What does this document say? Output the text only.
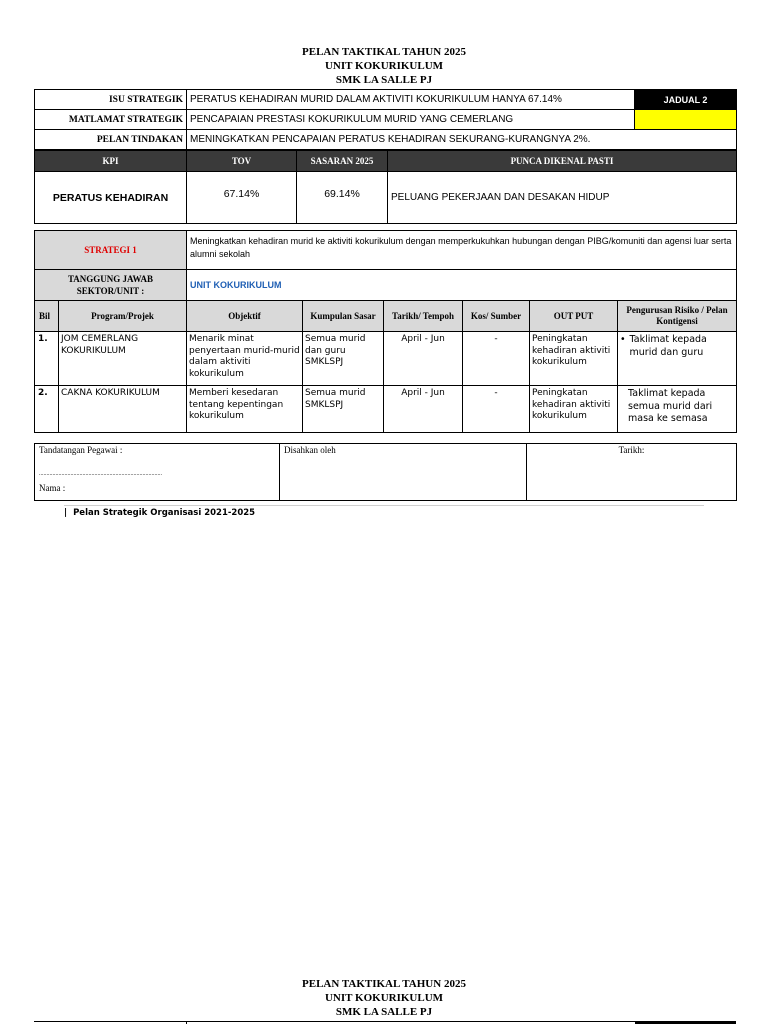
PELAN TAKTIKAL TAHUN 2025
UNIT KOKURIKULUM
SMK LA SALLE PJ
ISU STRATEGIK	PERATUS KEHADIRAN MURID DALAM AKTIVITI KOKURIKULUM HANYA 67.14%	JADUAL 2
MATLAMAT STRATEGIK	PENCAPAIAN PRESTASI KOKURIKULUM MURID YANG CEMERLANG	
PELAN TINDAKAN	MENINGKATKAN PENCAPAIAN PERATUS KEHADIRAN SEKURANG-KURANGNYA 2%.	
KPI	TOV	SASARAN 2025	PUNCA DIKENAL PASTI
PERATUS KEHADIRAN	67.14%	69.14%	PELUANG PEKERJAAN DAN DESAKAN HIDUP
STRATEGI 1		Meningkatkan kehadiran murid ke aktiviti kokurikulum dengan memperkukuhkan hubungan dengan PIBG/komuniti dan agensi luar serta alumni sekolah					

TANGGUNG JAWAB
SEKTOR/UNIT :		UNIT KOKURIKULUM					
Bil	Program/Projek	Objektif	Kumpulan Sasar	Tarikh/ Tempoh	Kos/ Sumber	OUT PUT	Pengurusan Risiko / Pelan Kontigensi
1.	JOM CEMERLANG KOKURIKULUM	Menarik minat penyertaan murid-murid dalam aktiviti kokurikulum	Semua murid dan guru SMKLSPJ	April - Jun	-	Peningkatan kehadiran aktiviti kokurikulum	• Taklimat kepada murid dan guru

2.	CAKNA KOKURIKULUM	Memberi kesedaran tentang kepentingan kokurikulum	Semua murid SMKLSPJ	April - Jun	-	Peningkatan kehadiran aktiviti kokurikulum	Taklimat kepada semua murid dari masa ke semasa
Tandatangan Pegawai :
..................................................................................
Nama :
	Disahkan oleh	Tarikh:
| Pelan Strategik Organisasi 2021-2025
PELAN TAKTIKAL TAHUN 2025
UNIT KOKURIKULUM
SMK LA SALLE PJ
